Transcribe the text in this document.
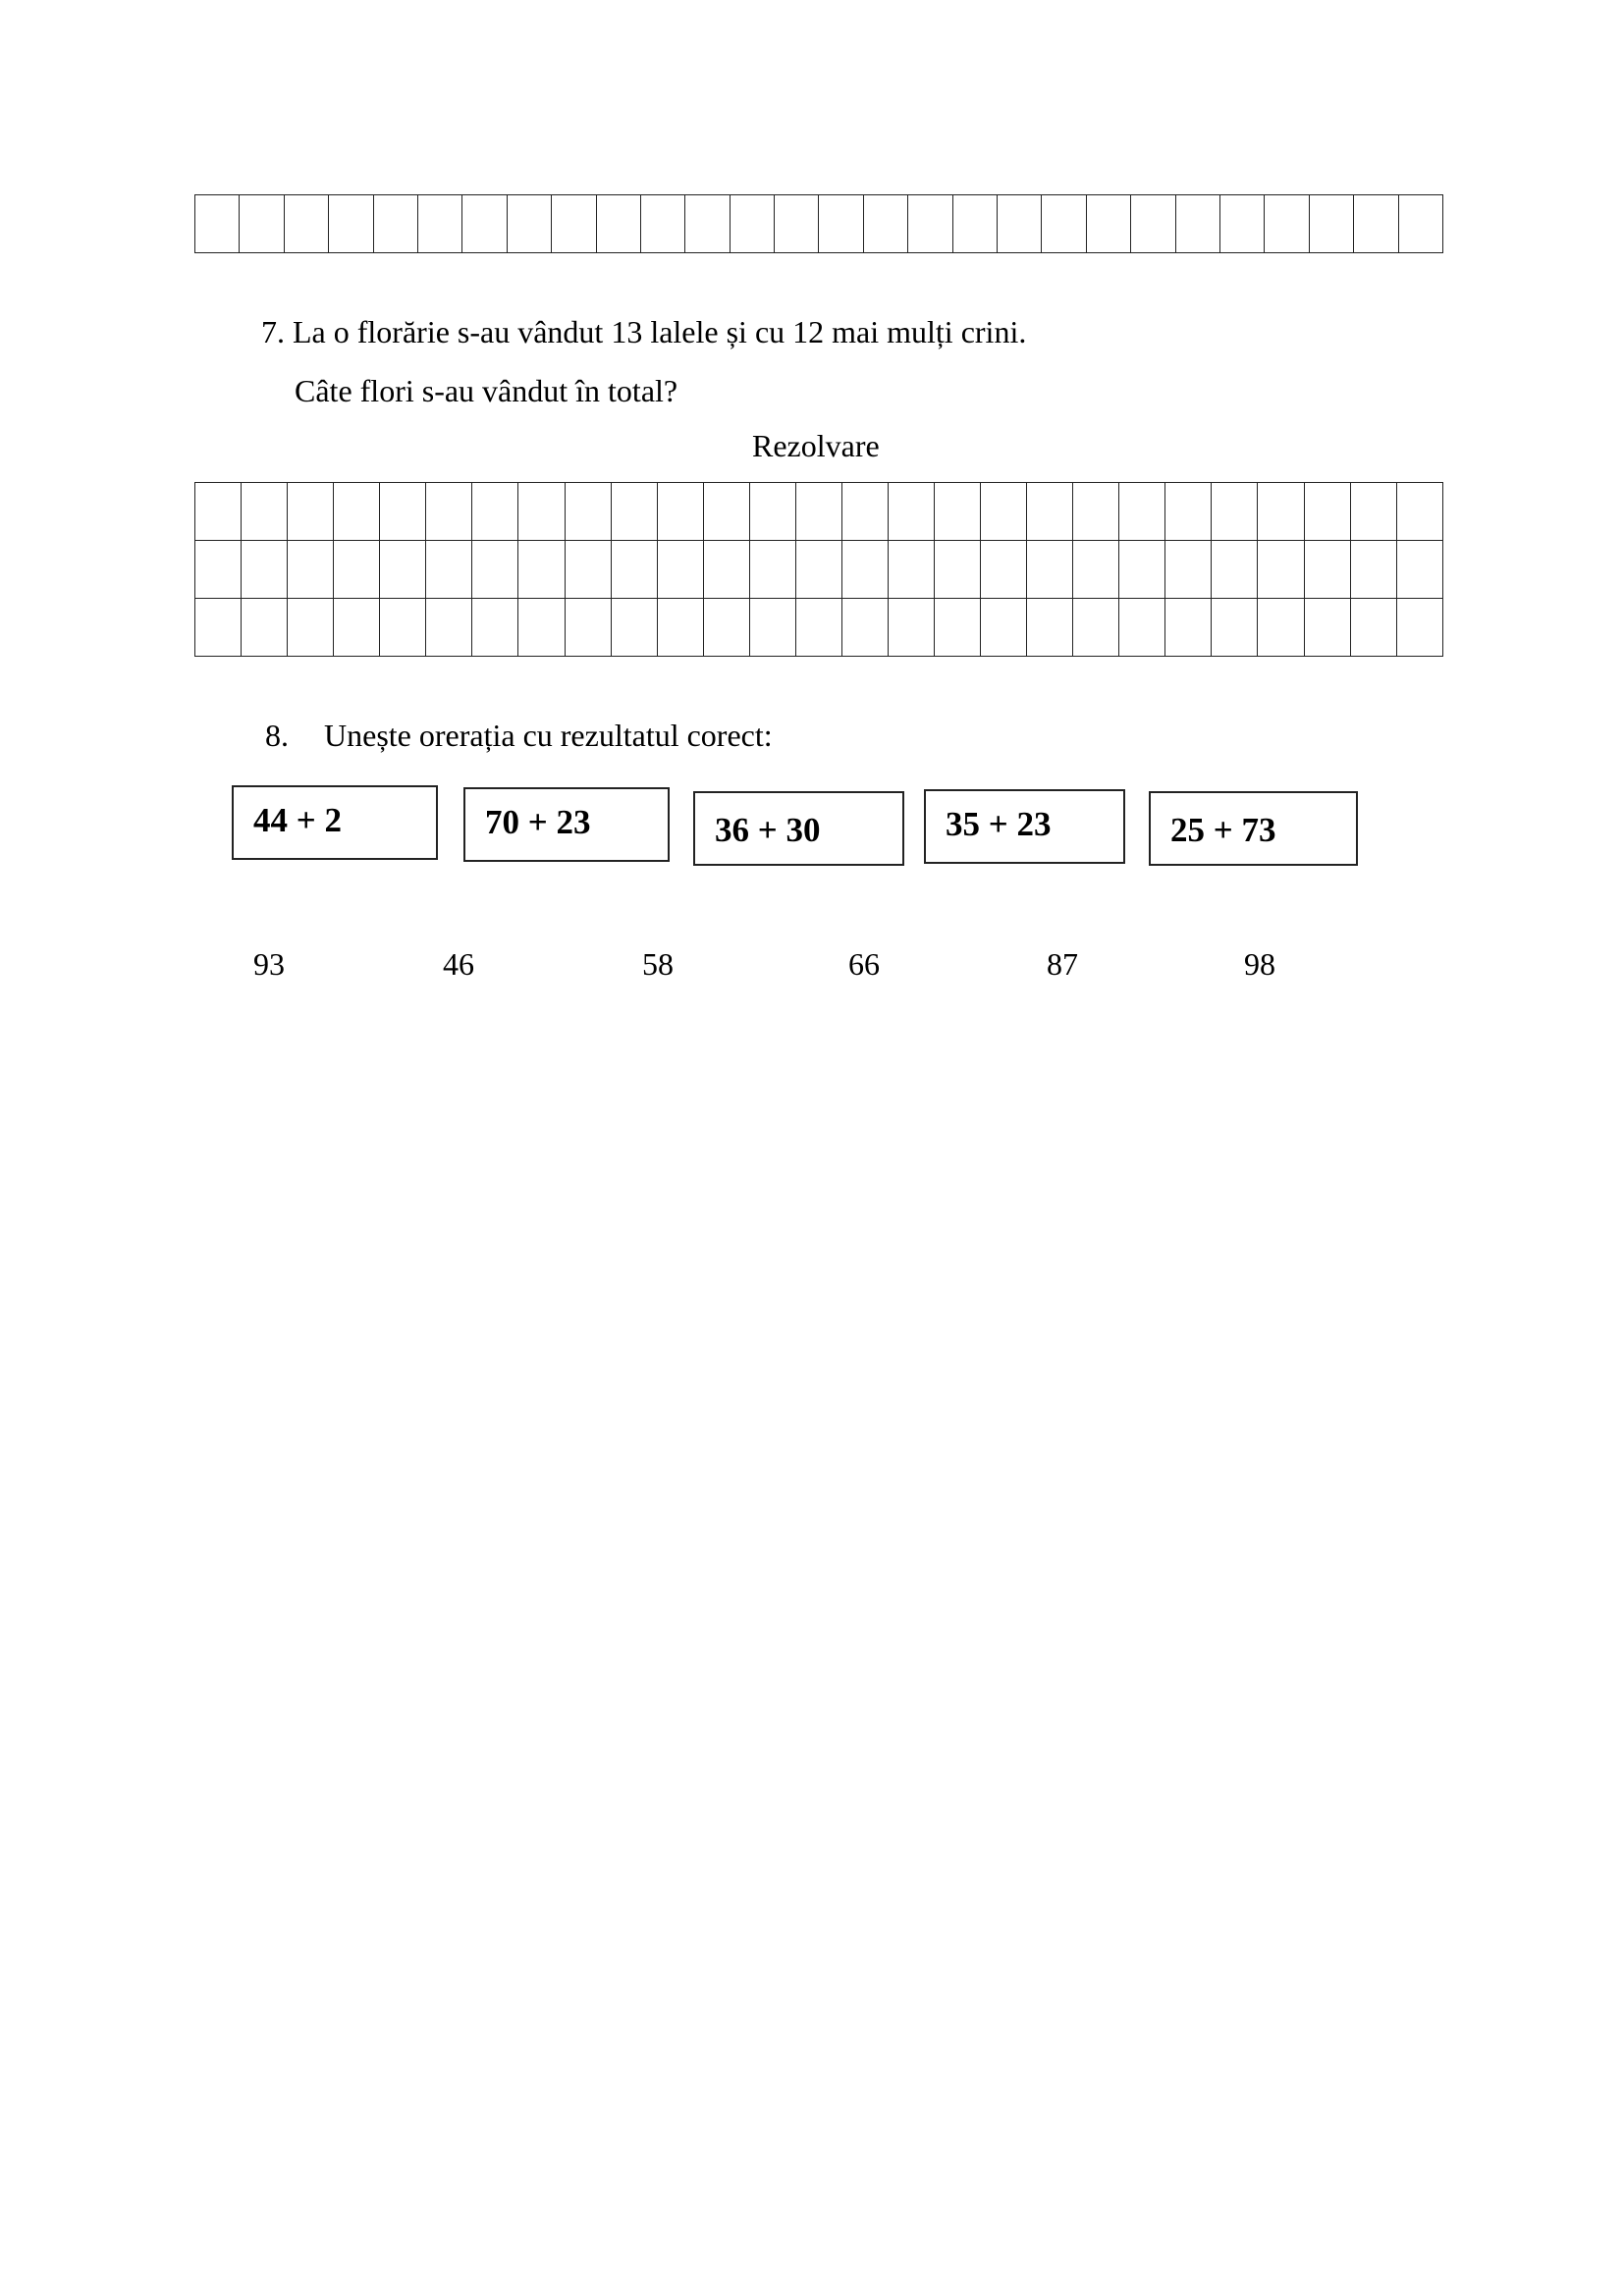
7. La o florărie s-au vândut 13 lalele și cu 12 mai mulți crini.
Câte flori s-au vândut în total?
Rezolvare

8. Unește orerația cu rezultatul corect:
44 + 2	70 + 23	36 + 30	35 + 23	25 + 73
93	46	58	66	87	98
